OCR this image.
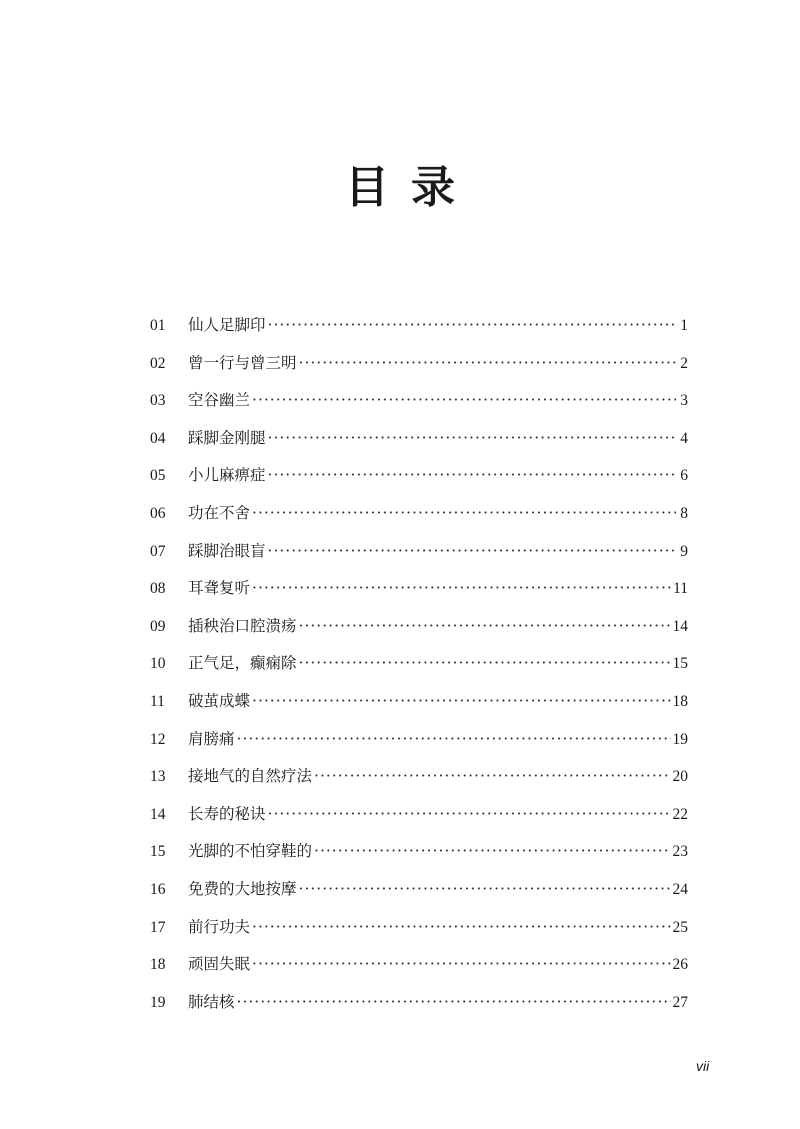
目录
01	仙人足脚印 ·····	1
02	曾一行与曾三明 ·····	2
03	空谷幽兰 ·····	3
04	踩脚金刚腿 ·····	4
05	小儿麻痹症 ·····	6
06	功在不舍 ·····	8
07	踩脚治眼盲 ·····	9
08	耳聋复听 ·····	11
09	插秧治口腔溃疡 ·····	14
10	正气足，癫痫除 ·····	15
11	破茧成蝶 ·····	18
12	肩膀痛 ·····	19
13	接地气的自然疗法 ·····	20
14	长寿的秘诀 ·····	22
15	光脚的不怕穿鞋的 ·····	23
16	免费的大地按摩 ·····	24
17	前行功夫 ·····	25
18	顽固失眠 ·····	26
19	肺结核 ·····	27
vii
